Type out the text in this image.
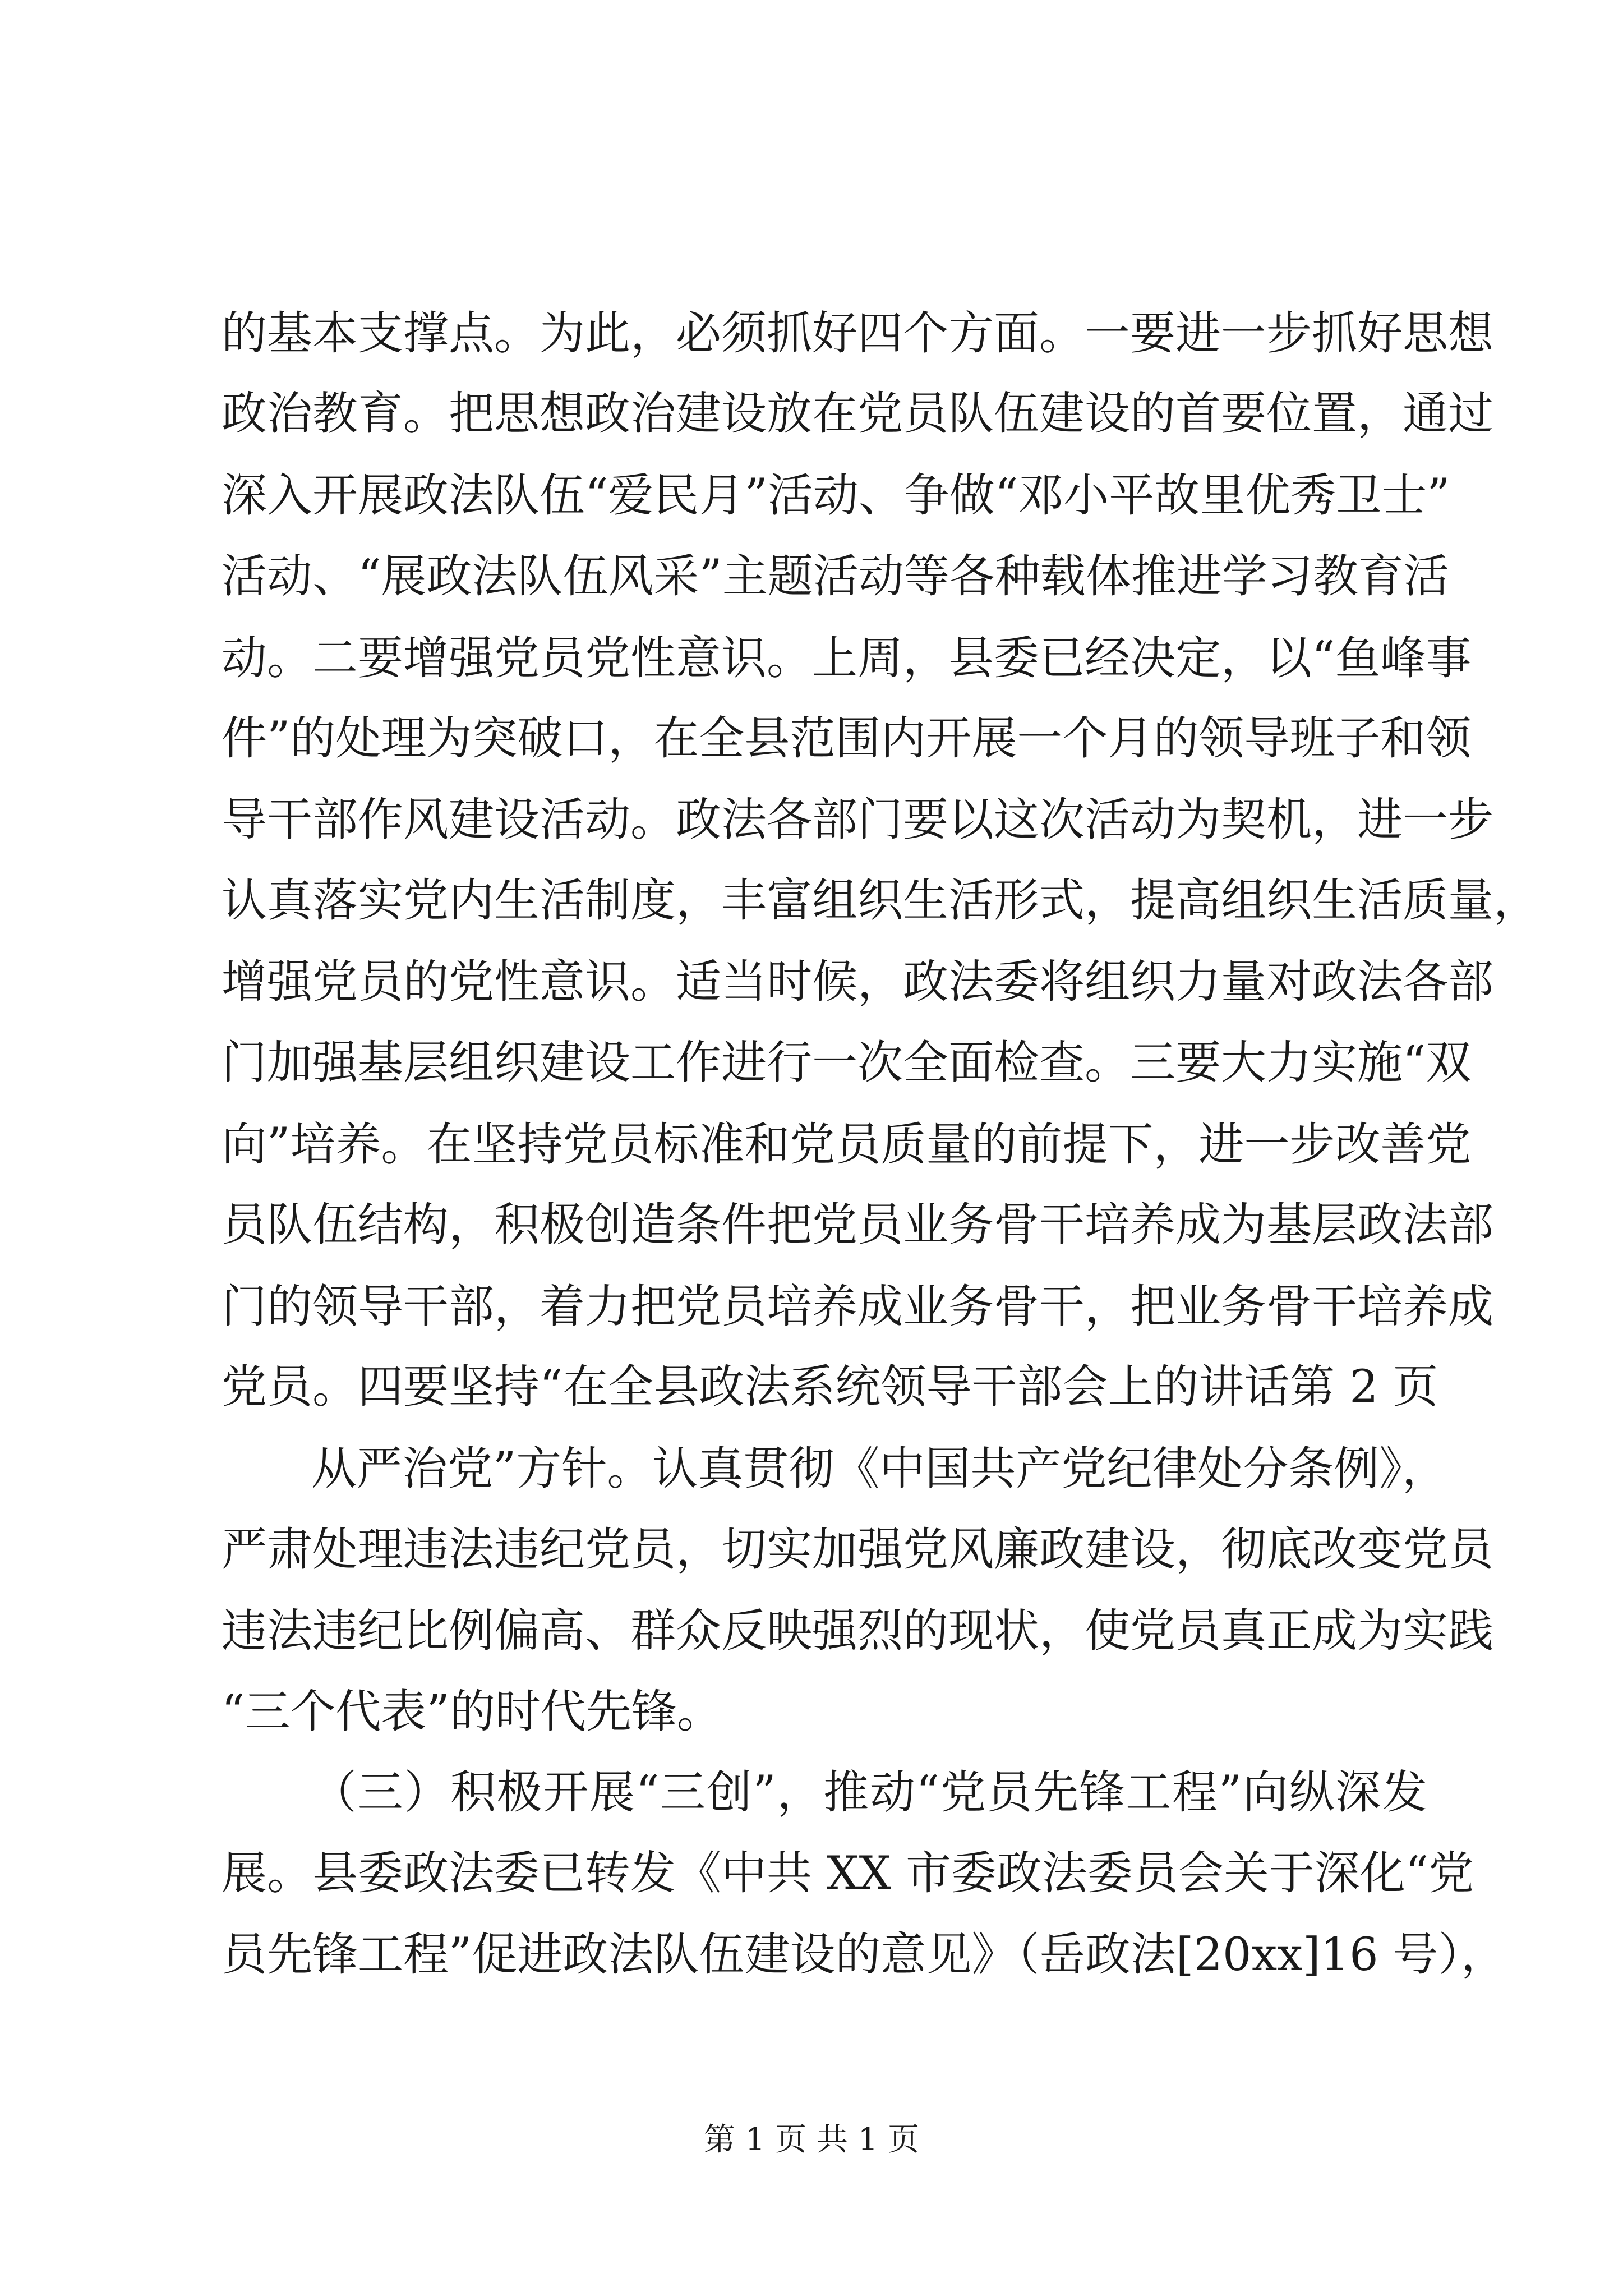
的基本支撑点。为此，必须抓好四个方面。一要进一步抓好思想
政治教育。把思想政治建设放在党员队伍建设的首要位置，通过
深入开展政法队伍“爱民月”活动、争做“邓小平故里优秀卫士”
活动、“展政法队伍风采”主题活动等各种载体推进学习教育活
动。二要增强党员党性意识。上周，县委已经决定，以“鱼峰事
件”的处理为突破口，在全县范围内开展一个月的领导班子和领
导干部作风建设活动。政法各部门要以这次活动为契机，进一步
认真落实党内生活制度，丰富组织生活形式，提高组织生活质量，
增强党员的党性意识。适当时候，政法委将组织力量对政法各部
门加强基层组织建设工作进行一次全面检查。三要大力实施“双
向”培养。在坚持党员标准和党员质量的前提下，进一步改善党
员队伍结构，积极创造条件把党员业务骨干培养成为基层政法部
门的领导干部，着力把党员培养成业务骨干，把业务骨干培养成
党员。四要坚持“在全县政法系统领导干部会上的讲话第 2 页
从严治党”方针。认真贯彻《中国共产党纪律处分条例》，
严肃处理违法违纪党员，切实加强党风廉政建设，彻底改变党员
违法违纪比例偏高、群众反映强烈的现状，使党员真正成为实践
“三个代表”的时代先锋。
（三）积极开展“三创”，推动“党员先锋工程”向纵深发
展。县委政法委已转发《中共 XX 市委政法委员会关于深化“党
员先锋工程”促进政法队伍建设的意见》（岳政法[20xx]16 号），
第 1 页 共 1 页
